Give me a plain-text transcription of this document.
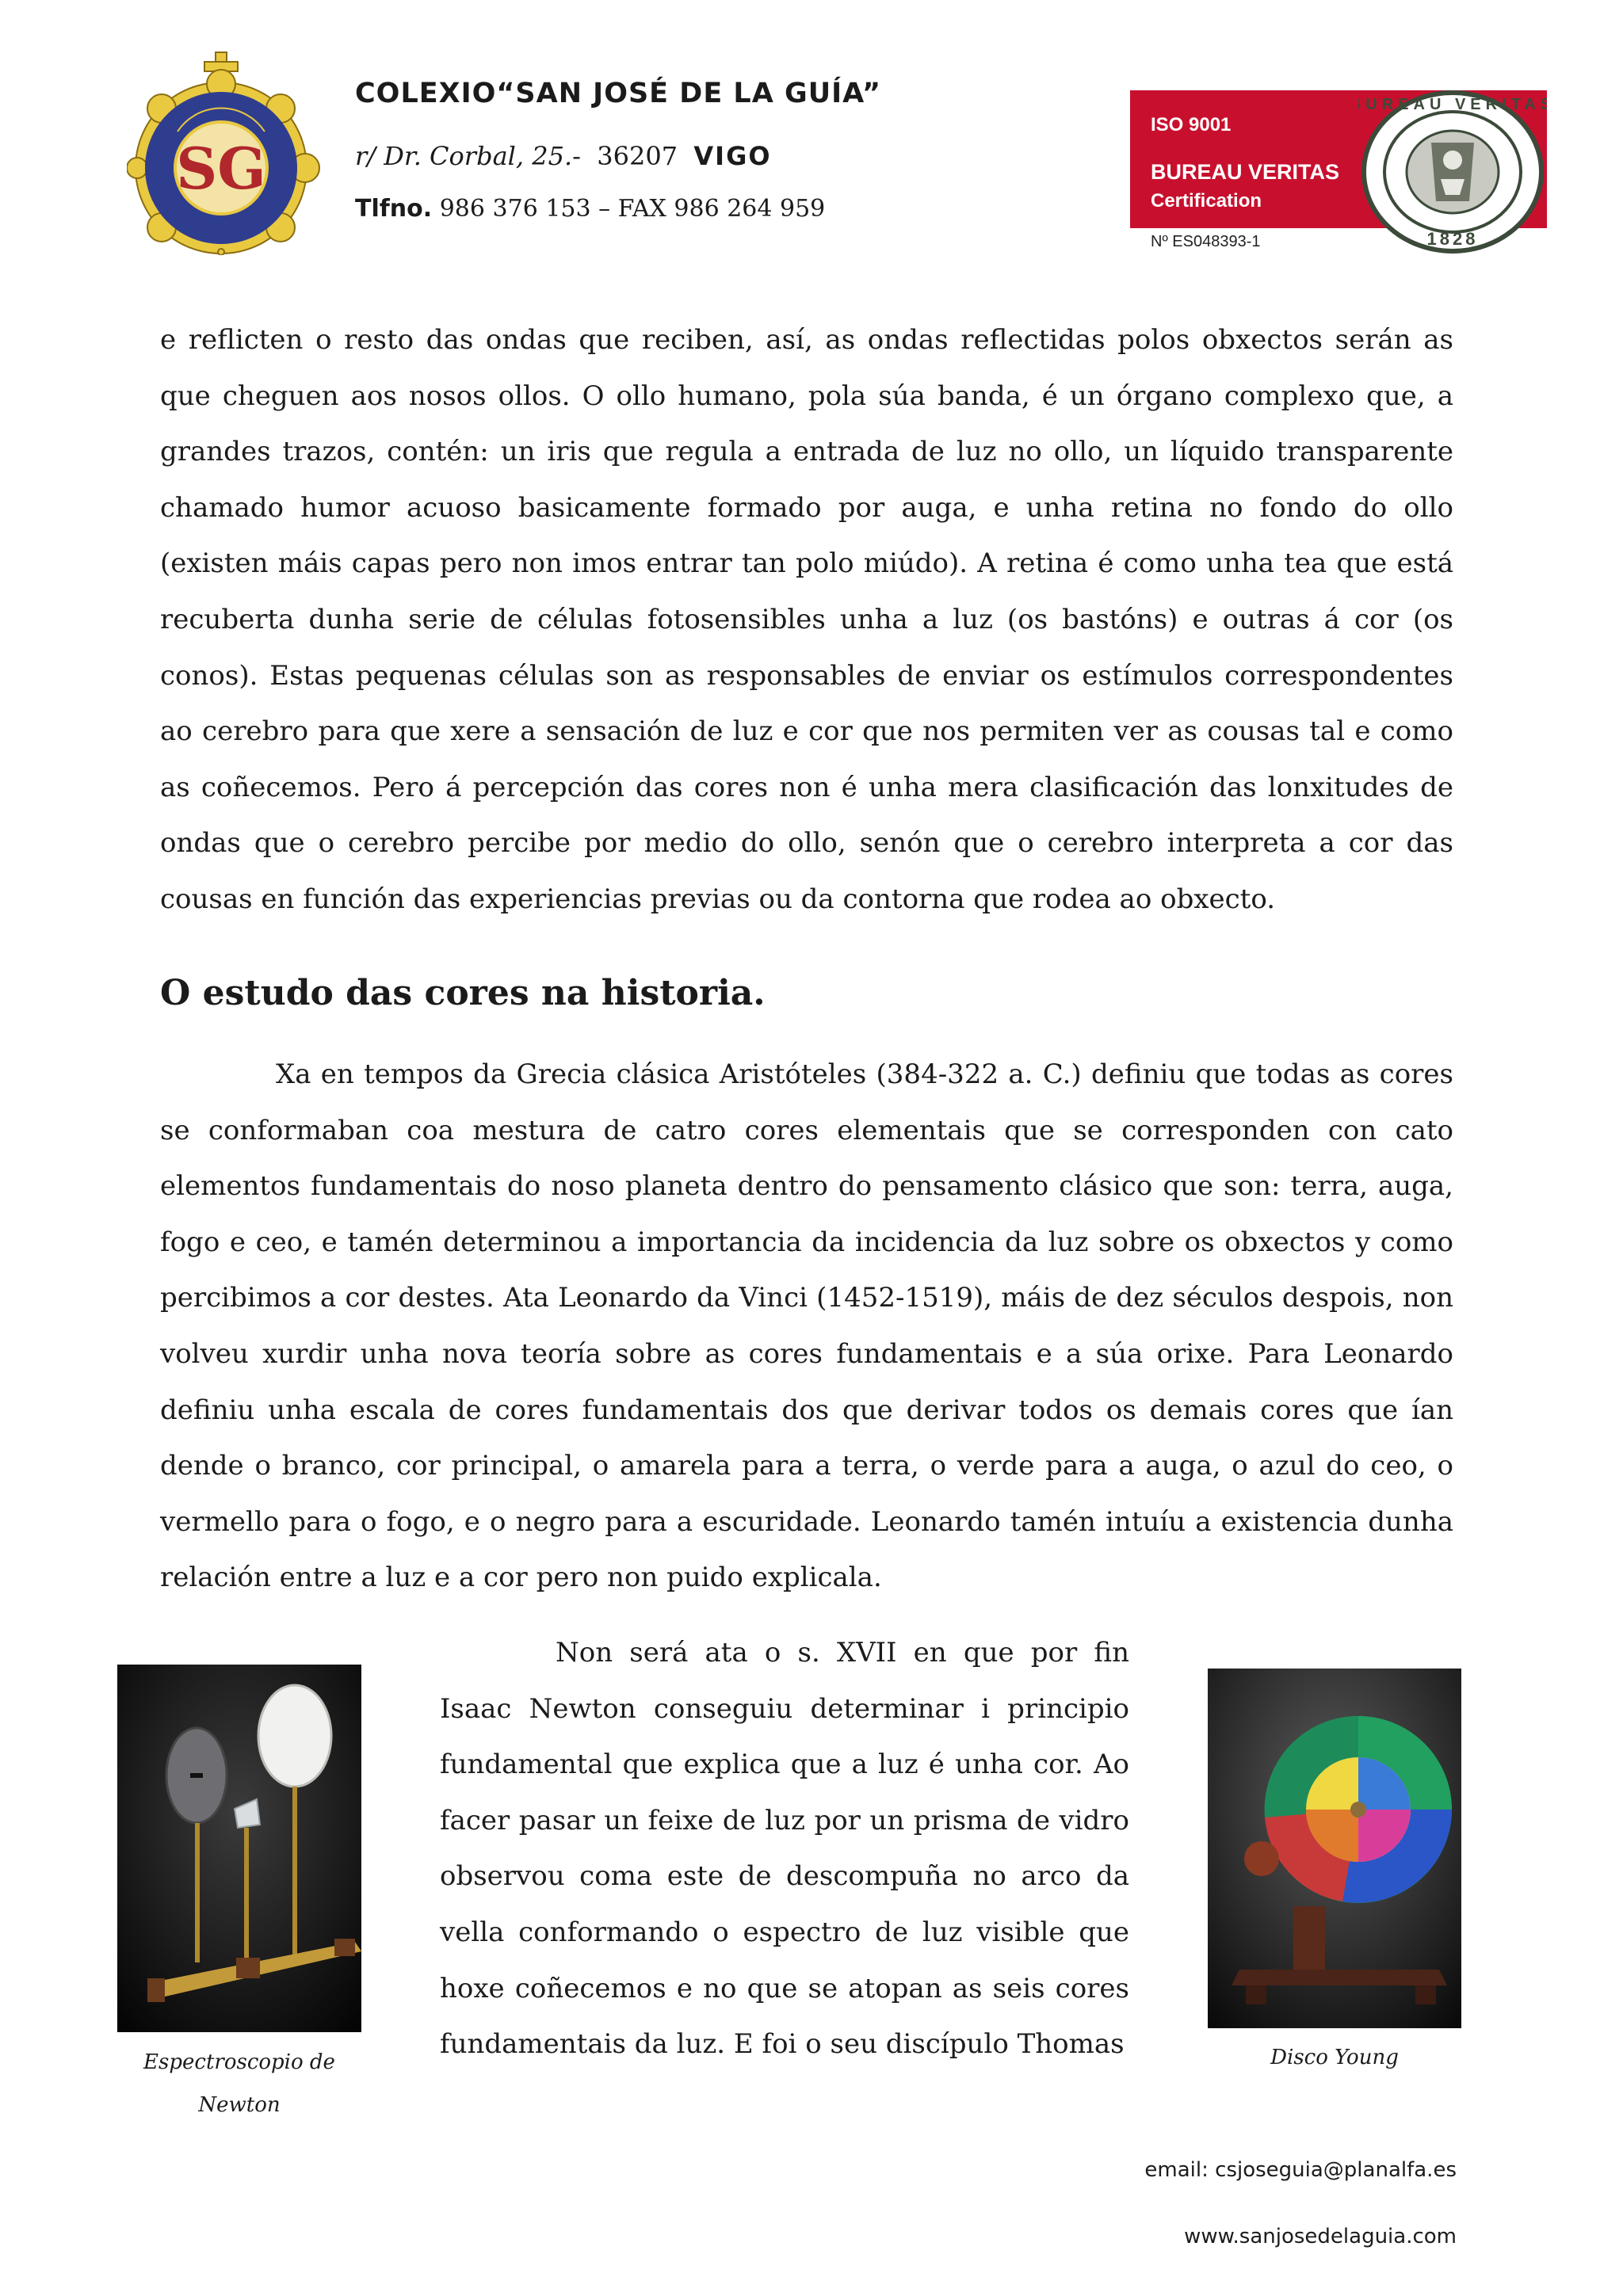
SG
COLEXIO“SAN JOSÉ DE LA GUÍA”
r/ Dr. Corbal, 25.- 36207 VIGO
Tlfno. 986 376 153 – FAX 986 264 959
ISO 9001
BUREAU VERITAS
Certification
Nº ES048393-1
BUREAU VERITAS
1828

e reflicten o resto das ondas que reciben, así, as ondas reflectidas polos obxectos serán as que cheguen aos nosos ollos. O ollo humano, pola súa banda, é un órgano complexo que, a grandes trazos, contén: un iris que regula a entrada de luz no ollo, un líquido transparente chamado humor acuoso basicamente formado por auga, e unha retina no fondo do ollo (existen máis capas pero non imos entrar tan polo miúdo). A retina é como unha tea que está recuberta dunha serie de células fotosensibles unha a luz (os bastóns) e outras á cor (os conos). Estas pequenas células son as responsables de enviar os estímulos correspondentes ao cerebro para que xere a sensación de luz e cor que nos permiten ver as cousas tal e como as coñecemos. Pero á percepción das cores non é unha mera clasificación das lonxitudes de ondas que o cerebro percibe por medio do ollo, senón que o cerebro interpreta a cor das cousas en función das experiencias previas ou da contorna que rodea ao obxecto.

O estudo das cores na historia.

Xa en tempos da Grecia clásica Aristóteles (384-322 a. C.) definiu que todas as cores se conformaban coa mestura de catro cores elementais que se corresponden con cato elementos fundamentais do noso planeta dentro do pensamento clásico que son: terra, auga, fogo e ceo, e tamén determinou a importancia da incidencia da luz sobre os obxectos y como percibimos a cor destes. Ata Leonardo da Vinci (1452-1519), máis de dez séculos despois, non volveu xurdir unha nova teoría sobre as cores fundamentais e a súa orixe. Para Leonardo definiu unha escala de cores fundamentais dos que derivar todos os demais cores que ían dende o branco, cor principal, o amarela para a terra, o verde para a auga, o azul do ceo, o vermello para o fogo, e o negro para a escuridade. Leonardo tamén intuíu a existencia dunha relación entre a luz e a cor pero non puido explicala.

Non será ata o s. XVII en que por fin Isaac Newton conseguiu determinar i principio fundamental que explica que a luz é unha cor. Ao facer pasar un feixe de luz por un prisma de vidro observou coma este de descompuña no arco da vella conformando o espectro de luz visible que hoxe coñecemos e no que se atopan as seis cores fundamentais da luz. E foi o seu discípulo Thomas

Espectroscopio de Newton
Disco Young
email: csjoseguia@planalfa.es
www.sanjosedelaguia.com
